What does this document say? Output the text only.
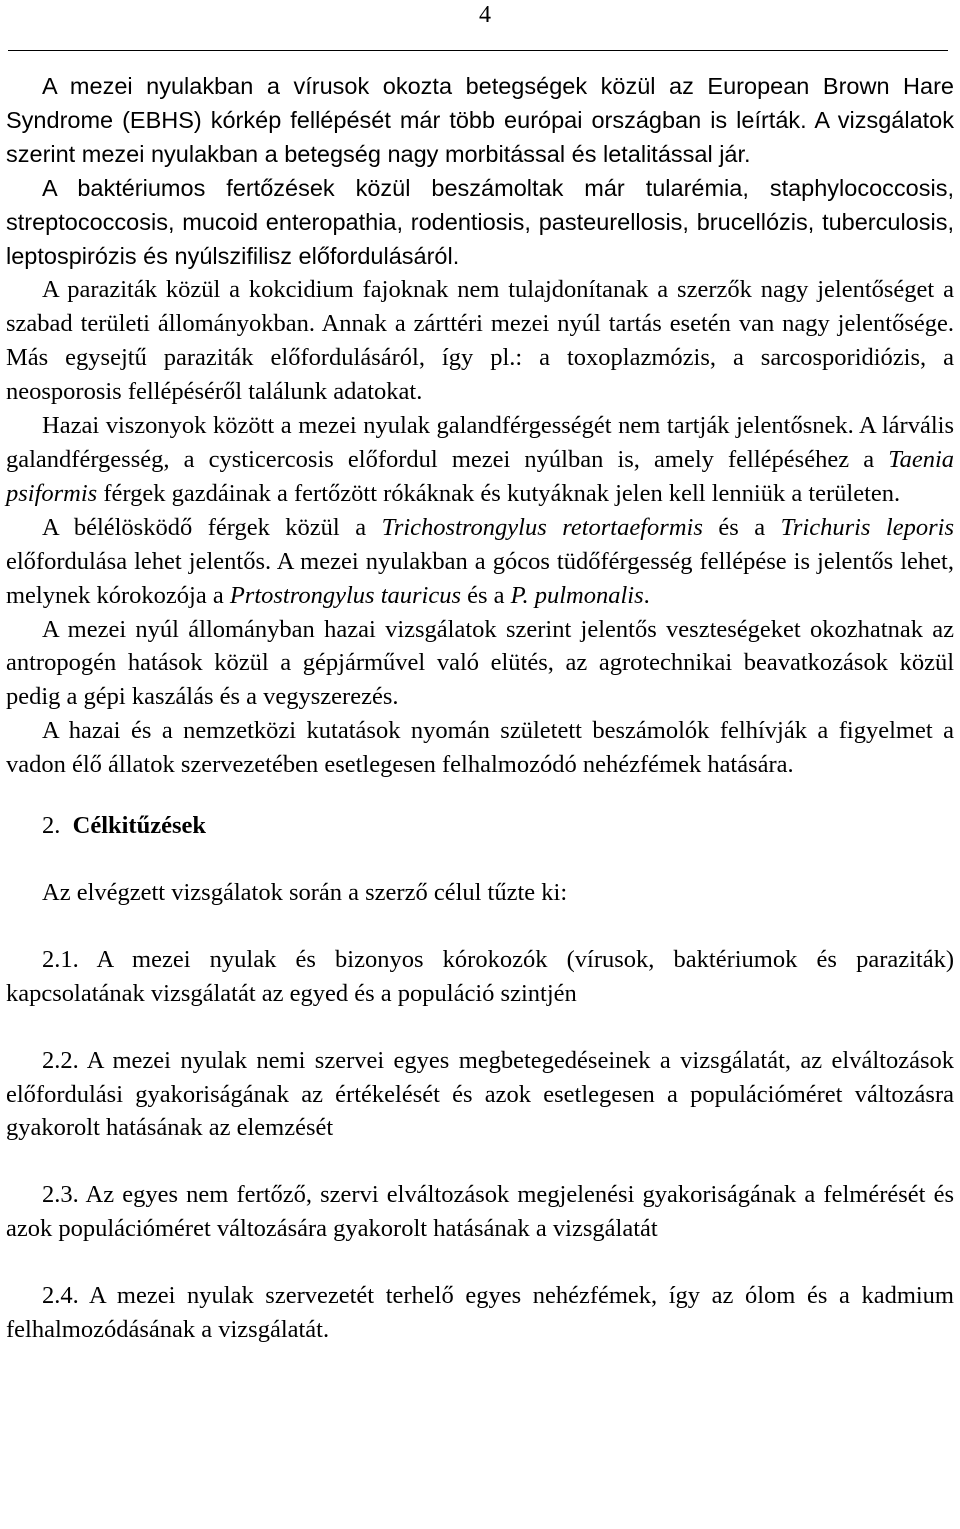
4

A mezei nyulakban a vírusok okozta betegségek közül az European Brown Hare Syndrome (EBHS) kórkép fellépését már több európai országban is leírták. A vizsgálatok szerint mezei nyulakban a betegség nagy morbitással és letalitással jár.

A baktériumos fertőzések közül beszámoltak már tularémia, staphylococcosis, streptococcosis, mucoid enteropathia, rodentiosis, pasteurellosis, brucellózis, tuberculosis, leptospirózis és nyúlszifilisz előfordulásáról.

A paraziták közül a kokcidium fajoknak nem tulajdonítanak a szerzők nagy jelentőséget a szabad területi állományokban. Annak a zárttéri mezei nyúl tartás esetén van nagy jelentősége. Más egysejtű paraziták előfordulásáról, így pl.: a toxoplazmózis, a sarcosporidiózis, a neosporosis fellépéséről találunk adatokat.

Hazai viszonyok között a mezei nyulak galandférgességét nem tartják jelentősnek. A lárvális galandférgesség, a cysticercosis előfordul mezei nyúlban is, amely fellépéséhez a Taenia psiformis férgek gazdáinak a fertőzött rókáknak és kutyáknak jelen kell lenniük a területen.

A bélélösködő férgek közül a Trichostrongylus retortaeformis és a Trichuris leporis előfordulása lehet jelentős. A mezei nyulakban a gócos tüdőférgesség fellépése is jelentős lehet, melynek kórokozója a Prtostrongylus tauricus és a P. pulmonalis.

A mezei nyúl állományban hazai vizsgálatok szerint jelentős veszteségeket okozhatnak az antropogén hatások közül a gépjárművel való elütés, az agrotechnikai beavatkozások közül pedig a gépi kaszálás és a vegyszerezés.

A hazai és a nemzetközi kutatások nyomán született beszámolók felhívják a figyelmet a vadon élő állatok szervezetében esetlegesen felhalmozódó nehézfémek hatására.

2. Célkitűzések

Az elvégzett vizsgálatok során a szerző célul tűzte ki:

2.1. A mezei nyulak és bizonyos kórokozók (vírusok, baktériumok és paraziták) kapcsolatának vizsgálatát az egyed és a populáció szintjén

2.2. A mezei nyulak nemi szervei egyes megbetegedéseinek a vizsgálatát, az elváltozások előfordulási gyakoriságának az értékelését és azok esetlegesen a populációméret változásra gyakorolt hatásának az elemzését

2.3. Az egyes nem fertőző, szervi elváltozások megjelenési gyakoriságának a felmérését és azok populációméret változására gyakorolt hatásának a vizsgálatát

2.4. A mezei nyulak szervezetét terhelő egyes nehézfémek, így az ólom és a kadmium felhalmozódásának a vizsgálatát.
